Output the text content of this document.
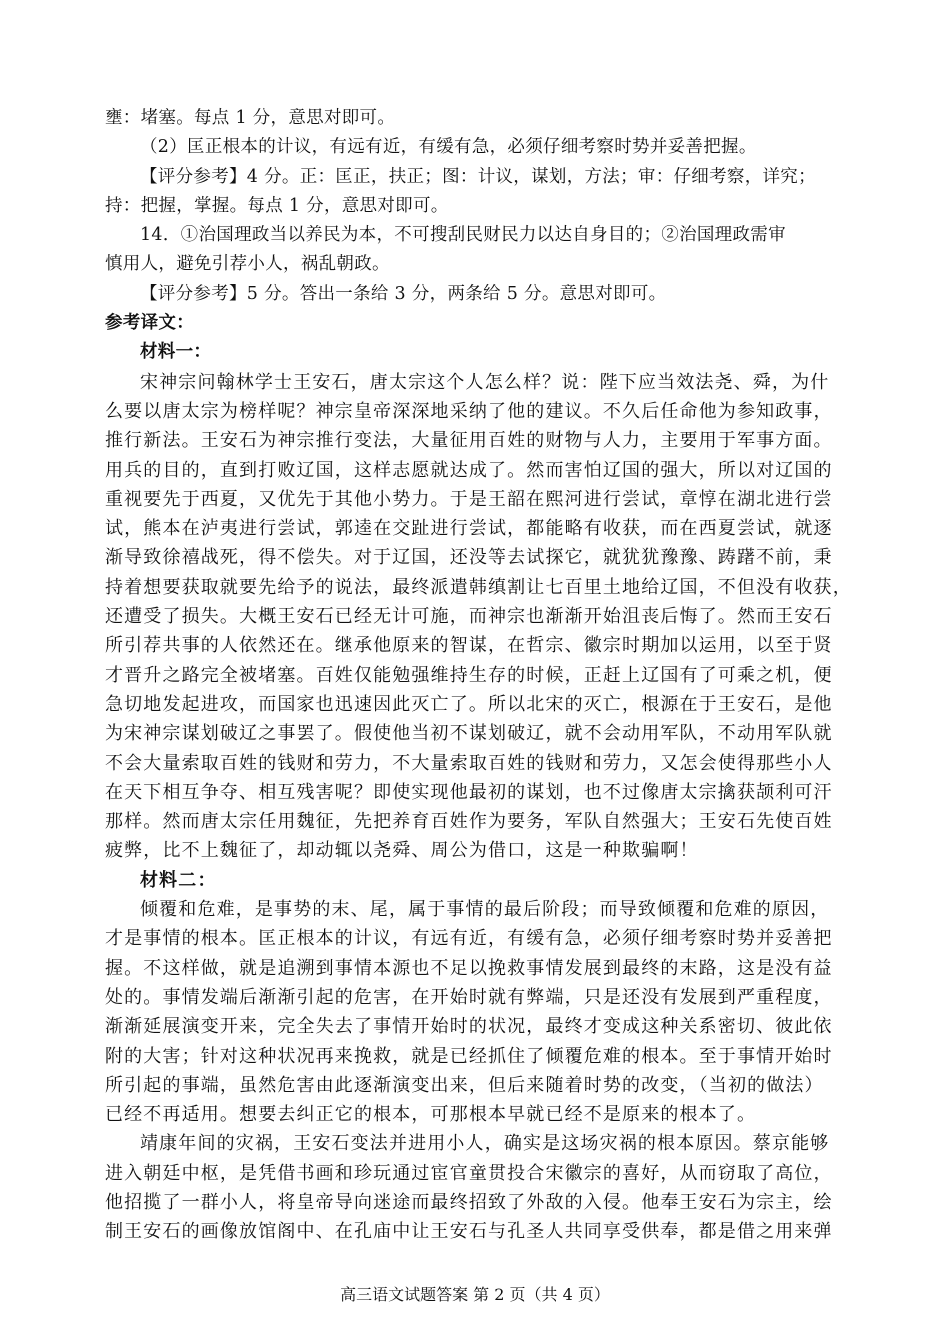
壅：堵塞。每点 1 分，意思对即可。
（2）匡正根本的计议，有远有近，有缓有急，必须仔细考察时势并妥善把握。
【评分参考】4 分。正：匡正，扶正；图：计议，谋划，方法；审：仔细考察，详究；
持：把握，掌握。每点 1 分，意思对即可。
14．①治国理政当以养民为本，不可搜刮民财民力以达自身目的；②治国理政需审
慎用人，避免引荐小人，祸乱朝政。
【评分参考】5 分。答出一条给 3 分，两条给 5 分。意思对即可。
参考译文：
材料一：
宋神宗问翰林学士王安石，唐太宗这个人怎么样？说：陛下应当效法尧、舜，为什
么要以唐太宗为榜样呢？神宗皇帝深深地采纳了他的建议。不久后任命他为参知政事，
推行新法。王安石为神宗推行变法，大量征用百姓的财物与人力，主要用于军事方面。
用兵的目的，直到打败辽国，这样志愿就达成了。然而害怕辽国的强大，所以对辽国的
重视要先于西夏，又优先于其他小势力。于是王韶在熙河进行尝试，章惇在湖北进行尝
试，熊本在泸夷进行尝试，郭逵在交趾进行尝试，都能略有收获，而在西夏尝试，就逐
渐导致徐禧战死，得不偿失。对于辽国，还没等去试探它，就犹犹豫豫、踌躇不前，秉
持着想要获取就要先给予的说法，最终派遣韩缜割让七百里土地给辽国，不但没有收获，
还遭受了损失。大概王安石已经无计可施，而神宗也渐渐开始沮丧后悔了。然而王安石
所引荐共事的人依然还在。继承他原来的智谋，在哲宗、徽宗时期加以运用，以至于贤
才晋升之路完全被堵塞。百姓仅能勉强维持生存的时候，正赶上辽国有了可乘之机，便
急切地发起进攻，而国家也迅速因此灭亡了。所以北宋的灭亡，根源在于王安石，是他
为宋神宗谋划破辽之事罢了。假使他当初不谋划破辽，就不会动用军队，不动用军队就
不会大量索取百姓的钱财和劳力，不大量索取百姓的钱财和劳力，又怎会使得那些小人
在天下相互争夺、相互残害呢？即使实现他最初的谋划，也不过像唐太宗擒获颉利可汗
那样。然而唐太宗任用魏征，先把养育百姓作为要务，军队自然强大；王安石先使百姓
疲弊，比不上魏征了，却动辄以尧舜、周公为借口，这是一种欺骗啊！
材料二：
倾覆和危难，是事势的末、尾，属于事情的最后阶段；而导致倾覆和危难的原因，
才是事情的根本。匡正根本的计议，有远有近，有缓有急，必须仔细考察时势并妥善把
握。不这样做，就是追溯到事情本源也不足以挽救事情发展到最终的末路，这是没有益
处的。事情发端后渐渐引起的危害，在开始时就有弊端，只是还没有发展到严重程度，
渐渐延展演变开来，完全失去了事情开始时的状况，最终才变成这种关系密切、彼此依
附的大害；针对这种状况再来挽救，就是已经抓住了倾覆危难的根本。至于事情开始时
所引起的事端，虽然危害由此逐渐演变出来，但后来随着时势的改变，（当初的做法）
已经不再适用。想要去纠正它的根本，可那根本早就已经不是原来的根本了。
靖康年间的灾祸，王安石变法并进用小人，确实是这场灾祸的根本原因。蔡京能够
进入朝廷中枢，是凭借书画和珍玩通过宦官童贯投合宋徽宗的喜好，从而窃取了高位，
他招揽了一群小人，将皇帝导向迷途而最终招致了外敌的入侵。他奉王安石为宗主，绘
制王安石的画像放馆阁中、在孔庙中让王安石与孔圣人共同享受供奉，都是借之用来弹
高三语文试题答案 第 2 页（共 4 页）
